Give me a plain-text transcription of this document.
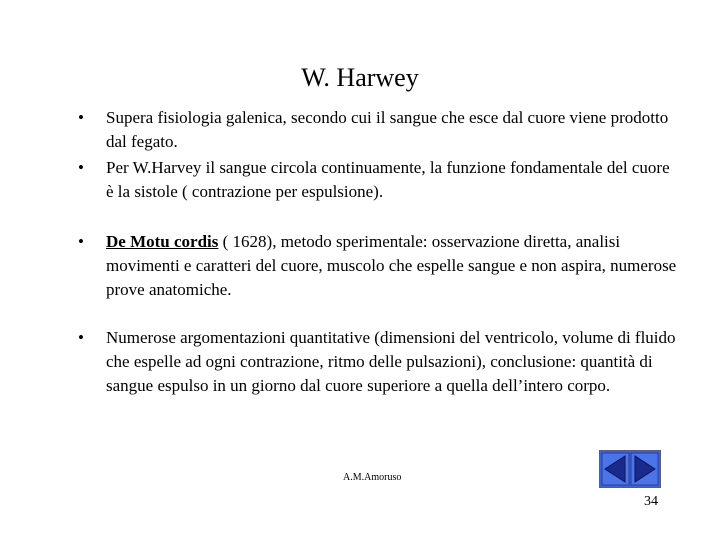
W. Harwey
• Supera fisiologia galenica, secondo cui il sangue che esce dal cuore viene prodotto dal fegato.
• Per W.Harvey il sangue circola continuamente, la funzione fondamentale del cuore è la sistole ( contrazione per espulsione).
• De Motu cordis ( 1628), metodo sperimentale: osservazione diretta, analisi movimenti e caratteri del cuore, muscolo che espelle sangue e non aspira, numerose prove anatomiche.
• Numerose argomentazioni quantitative (dimensioni del ventricolo, volume di fluido che espelle ad ogni contrazione, ritmo delle pulsazioni), conclusione: quantità di sangue espulso in un giorno dal cuore superiore a quella dell’intero corpo.
A.M.Amoruso
34
